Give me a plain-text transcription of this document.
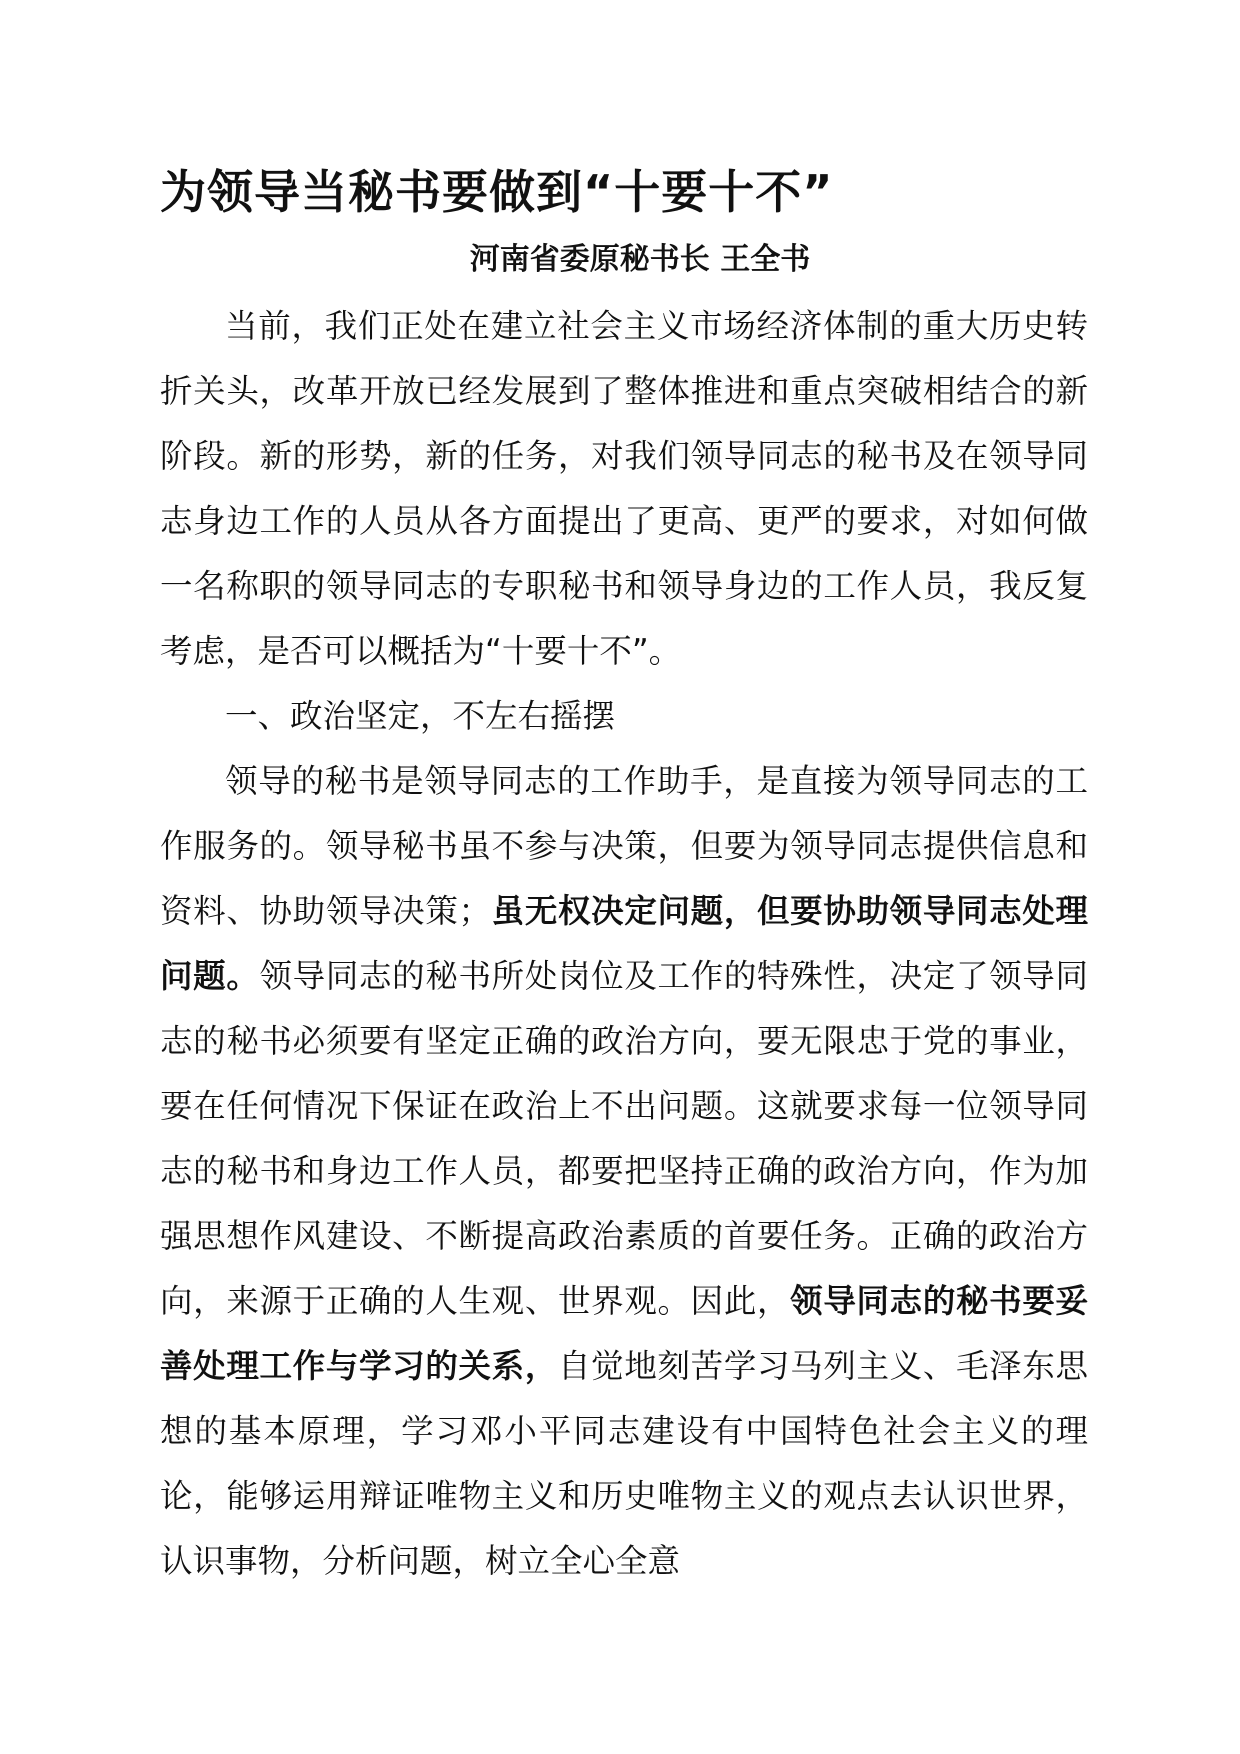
为领导当秘书要做到“十要十不”
河南省委原秘书长 王全书

当前，我们正处在建立社会主义市场经济体制的重大历史转折关头，改革开放已经发展到了整体推进和重点突破相结合的新阶段。新的形势，新的任务，对我们领导同志的秘书及在领导同志身边工作的人员从各方面提出了更高、更严的要求，对如何做一名称职的领导同志的专职秘书和领导身边的工作人员，我反复考虑，是否可以概括为“十要十不”。

一、政治坚定，不左右摇摆

领导的秘书是领导同志的工作助手，是直接为领导同志的工作服务的。领导秘书虽不参与决策，但要为领导同志提供信息和资料、协助领导决策；虽无权决定问题，但要协助领导同志处理问题。领导同志的秘书所处岗位及工作的特殊性，决定了领导同志的秘书必须要有坚定正确的政治方向，要无限忠于党的事业，要在任何情况下保证在政治上不出问题。这就要求每一位领导同志的秘书和身边工作人员，都要把坚持正确的政治方向，作为加强思想作风建设、不断提高政治素质的首要任务。正确的政治方向，来源于正确的人生观、世界观。因此，领导同志的秘书要妥善处理工作与学习的关系，自觉地刻苦学习马列主义、毛泽东思想的基本原理，学习邓小平同志建设有中国特色社会主义的理论，能够运用辩证唯物主义和历史唯物主义的观点去认识世界，认识事物，分析问题，树立全心全意
